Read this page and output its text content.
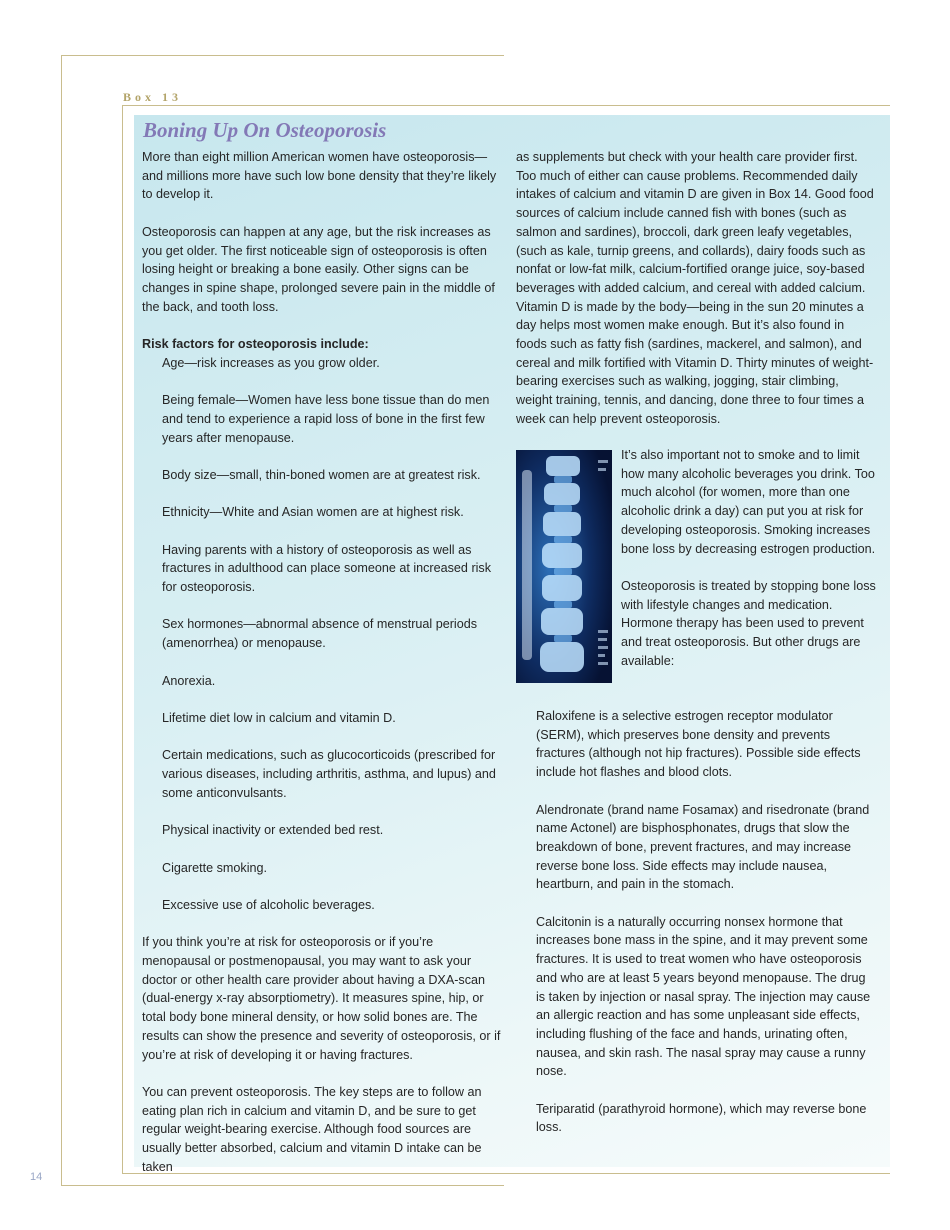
Box 13
Boning Up On Osteoporosis

More than eight million American women have osteoporosis—and millions more have such low bone density that they’re likely to develop it.

Osteoporosis can happen at any age, but the risk increases as you get older. The first noticeable sign of osteoporosis is often losing height or breaking a bone easily. Other signs can be changes in spine shape, prolonged severe pain in the middle of the back, and tooth loss.

Risk factors for osteoporosis include:

Age—risk increases as you grow older.

Being female—Women have less bone tissue than do men and tend to experience a rapid loss of bone in the first few years after menopause.

Body size—small, thin-boned women are at greatest risk.

Ethnicity—White and Asian women are at highest risk.

Having parents with a history of osteoporosis as well as fractures in adulthood can place someone at increased risk for osteoporosis.

Sex hormones—abnormal absence of menstrual periods (amenorrhea) or menopause.

Anorexia.

Lifetime diet low in calcium and vitamin D.

Certain medications, such as glucocorticoids (prescribed for various diseases, including arthritis, asthma, and lupus) and some anticonvulsants.

Physical inactivity or extended bed rest.

Cigarette smoking.

Excessive use of alcoholic beverages.

If you think you’re at risk for osteoporosis or if you’re menopausal or postmenopausal, you may want to ask your doctor or other health care provider about having a DXA-scan (dual-energy x-ray absorptiometry). It measures spine, hip, or total body bone mineral density, or how solid bones are. The results can show the presence and severity of osteoporosis, or if you’re at risk of developing it or having fractures.

You can prevent osteoporosis. The key steps are to follow an eating plan rich in calcium and vitamin D, and be sure to get regular weight-bearing exercise. Although food sources are usually better absorbed, calcium and vitamin D intake can be taken

as supplements but check with your health care provider first. Too much of either can cause problems. Recommended daily intakes of calcium and vitamin D are given in Box 14. Good food sources of calcium include canned fish with bones (such as salmon and sardines), broccoli, dark green leafy vegetables, (such as kale, turnip greens, and collards), dairy foods such as nonfat or low-fat milk, calcium-fortified orange juice, soy-based beverages with added calcium, and cereal with added calcium. Vitamin D is made by the body—being in the sun 20 minutes a day helps most women make enough. But it’s also found in foods such as fatty fish (sardines, mackerel, and salmon), and cereal and milk fortified with Vitamin D. Thirty minutes of weight-bearing exercises such as walking, jogging, stair climbing, weight training, tennis, and dancing, done three to four times a week can help prevent osteoporosis.

It’s also important not to smoke and to limit how many alcoholic beverages you drink. Too much alcohol (for women, more than one alcoholic drink a day) can put you at risk for developing osteoporosis. Smoking increases bone loss by decreasing estrogen production.

Osteoporosis is treated by stopping bone loss with lifestyle changes and medication. Hormone therapy has been used to prevent and treat osteoporosis. But other drugs are available:

Raloxifene is a selective estrogen receptor modulator (SERM), which preserves bone density and prevents fractures (although not hip fractures). Possible side effects include hot flashes and blood clots.

Alendronate (brand name Fosamax) and risedronate (brand name Actonel) are bisphosphonates, drugs that slow the breakdown of bone, prevent fractures, and may increase reverse bone loss. Side effects may include nausea, heartburn, and pain in the stomach.

Calcitonin is a naturally occurring nonsex hormone that increases bone mass in the spine, and it may prevent some fractures. It is used to treat women who have osteoporosis and who are at least 5 years beyond menopause. The drug is taken by injection or nasal spray. The injection may cause an allergic reaction and has some unpleasant side effects, including flushing of the face and hands, urinating often, nausea, and skin rash. The nasal spray may cause a runny nose.

Teriparatid (parathyroid hormone), which may reverse bone loss.

14
